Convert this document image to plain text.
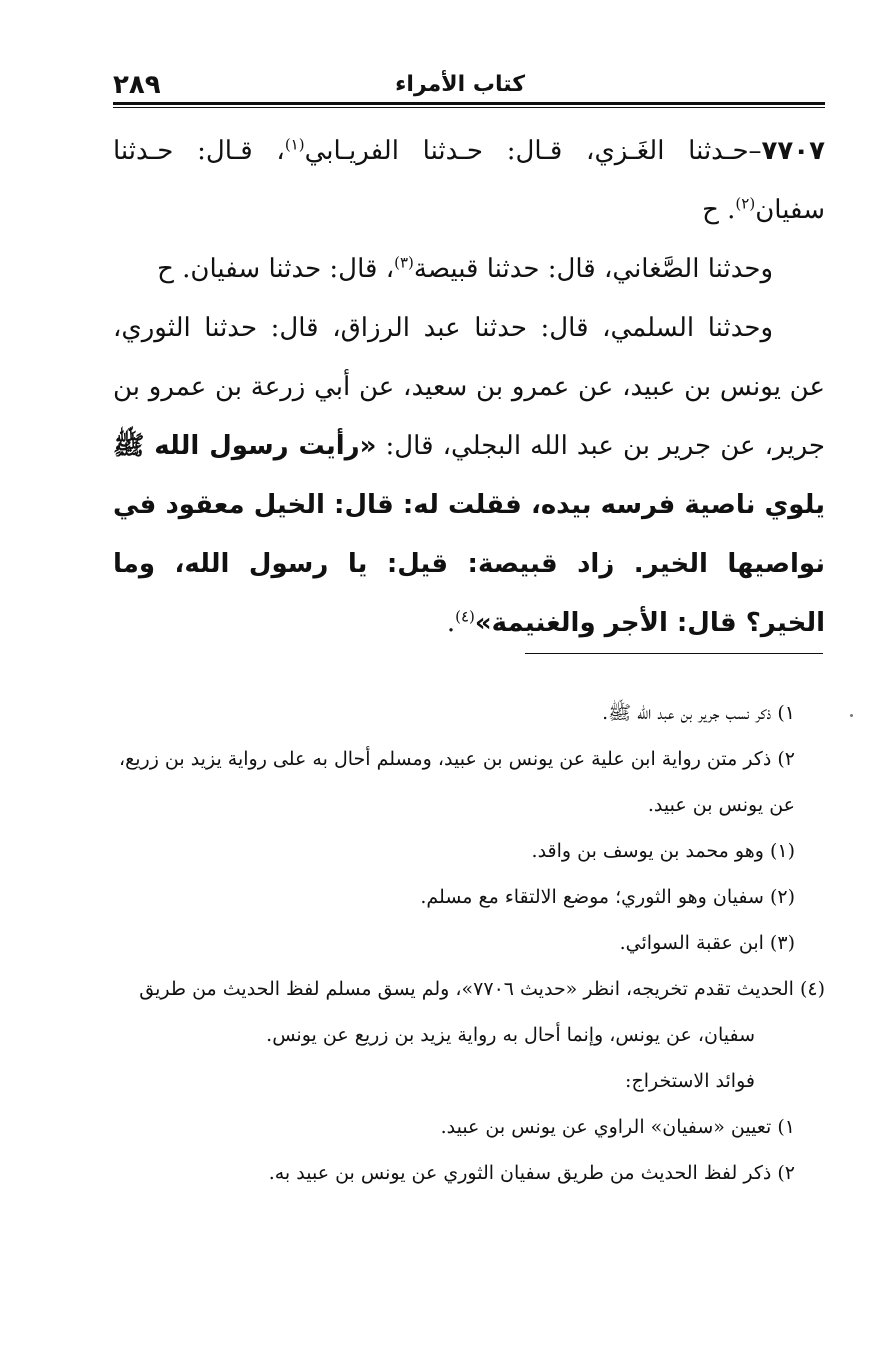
كتاب الأمراء
٢٨٩

٧٧٠٧–حـدثنا الغَـزي، قـال: حـدثنا الفريـابي$^{(١)}$، قـال: حـدثنا سفيان$^{(٢)}$. ح

وحدثنا الصَّغاني، قال: حدثنا قبيصة$^{(٣)}$، قال: حدثنا سفيان. ح

وحدثنا السلمي، قال: حدثنا عبد الرزاق، قال: حدثنا الثوري، عن يونس بن عبيد، عن عمرو بن سعيد، عن أبي زرعة بن عمرو بن جرير، عن جرير بن عبد الله البجلي، قال: «رأيت رسول الله ﷺ يلوي ناصية فرسه بيده، فقلت له: قال: الخيل معقود في نواصيها الخير. زاد قبيصة: قيل: يا رسول الله، وما الخير؟ قال: الأجر والغنيمة»$^{(٤)}$.

١) ذكر نسب جرير بن عبد الله ﷺ.

٢) ذكر متن رواية ابن علية عن يونس بن عبيد، ومسلم أحال به على رواية يزيد بن زريع، عن يونس بن عبيد.

(١) وهو محمد بن يوسف بن واقد.

(٢) سفيان وهو الثوري؛ موضع الالتقاء مع مسلم.

(٣) ابن عقبة السوائي.

(٤) الحديث تقدم تخريجه، انظر «حديث ٧٧٠٦»، ولم يسق مسلم لفظ الحديث من طريق سفيان، عن يونس، وإنما أحال به رواية يزيد بن زريع عن يونس.

فوائد الاستخراج:

١) تعيين «سفيان» الراوي عن يونس بن عبيد.

٢) ذكر لفظ الحديث من طريق سفيان الثوري عن يونس بن عبيد به.
